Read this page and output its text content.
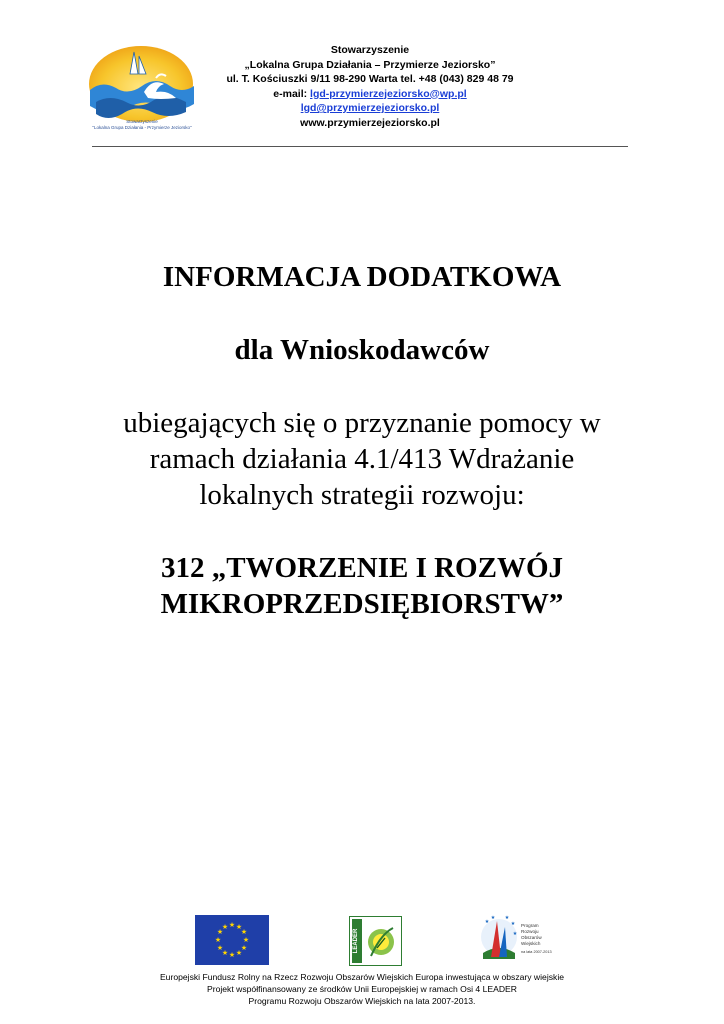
Stowarzyszenie
"Lokalna Grupa Działania - Przymierze Jeziorsko"
Stowarzyszenie
„Lokalna Grupa Działania – Przymierze Jeziorsko”
ul. T. Kościuszki 9/11 98-290 Warta tel. +48 (043) 829 48 79
e-mail: lgd-przymierzejeziorsko@wp.pl
lgd@przymierzejeziorsko.pl
www.przymierzejeziorsko.pl
INFORMACJA DODATKOWA
dla Wnioskodawców
ubiegających się o przyznanie pomocy w
ramach działania 4.1/413 Wdrażanie
lokalnych strategii rozwoju:
312 „TWORZENIE I ROZWÓJ
MIKROPRZEDSIĘBIORSTW”
★ ★
★
★
★
★
★
★
★
★
★
★
LEADER
★
★ ★
★
★
Program
Rozwoju
Obszarów
Wiejskich
na lata 2007-2013
Europejski Fundusz Rolny na Rzecz Rozwoju Obszarów Wiejskich Europa inwestująca w obszary wiejskie
Projekt współfinansowany ze środków Unii Europejskiej w ramach Osi 4 LEADER
Programu Rozwoju Obszarów Wiejskich na lata 2007-2013.
